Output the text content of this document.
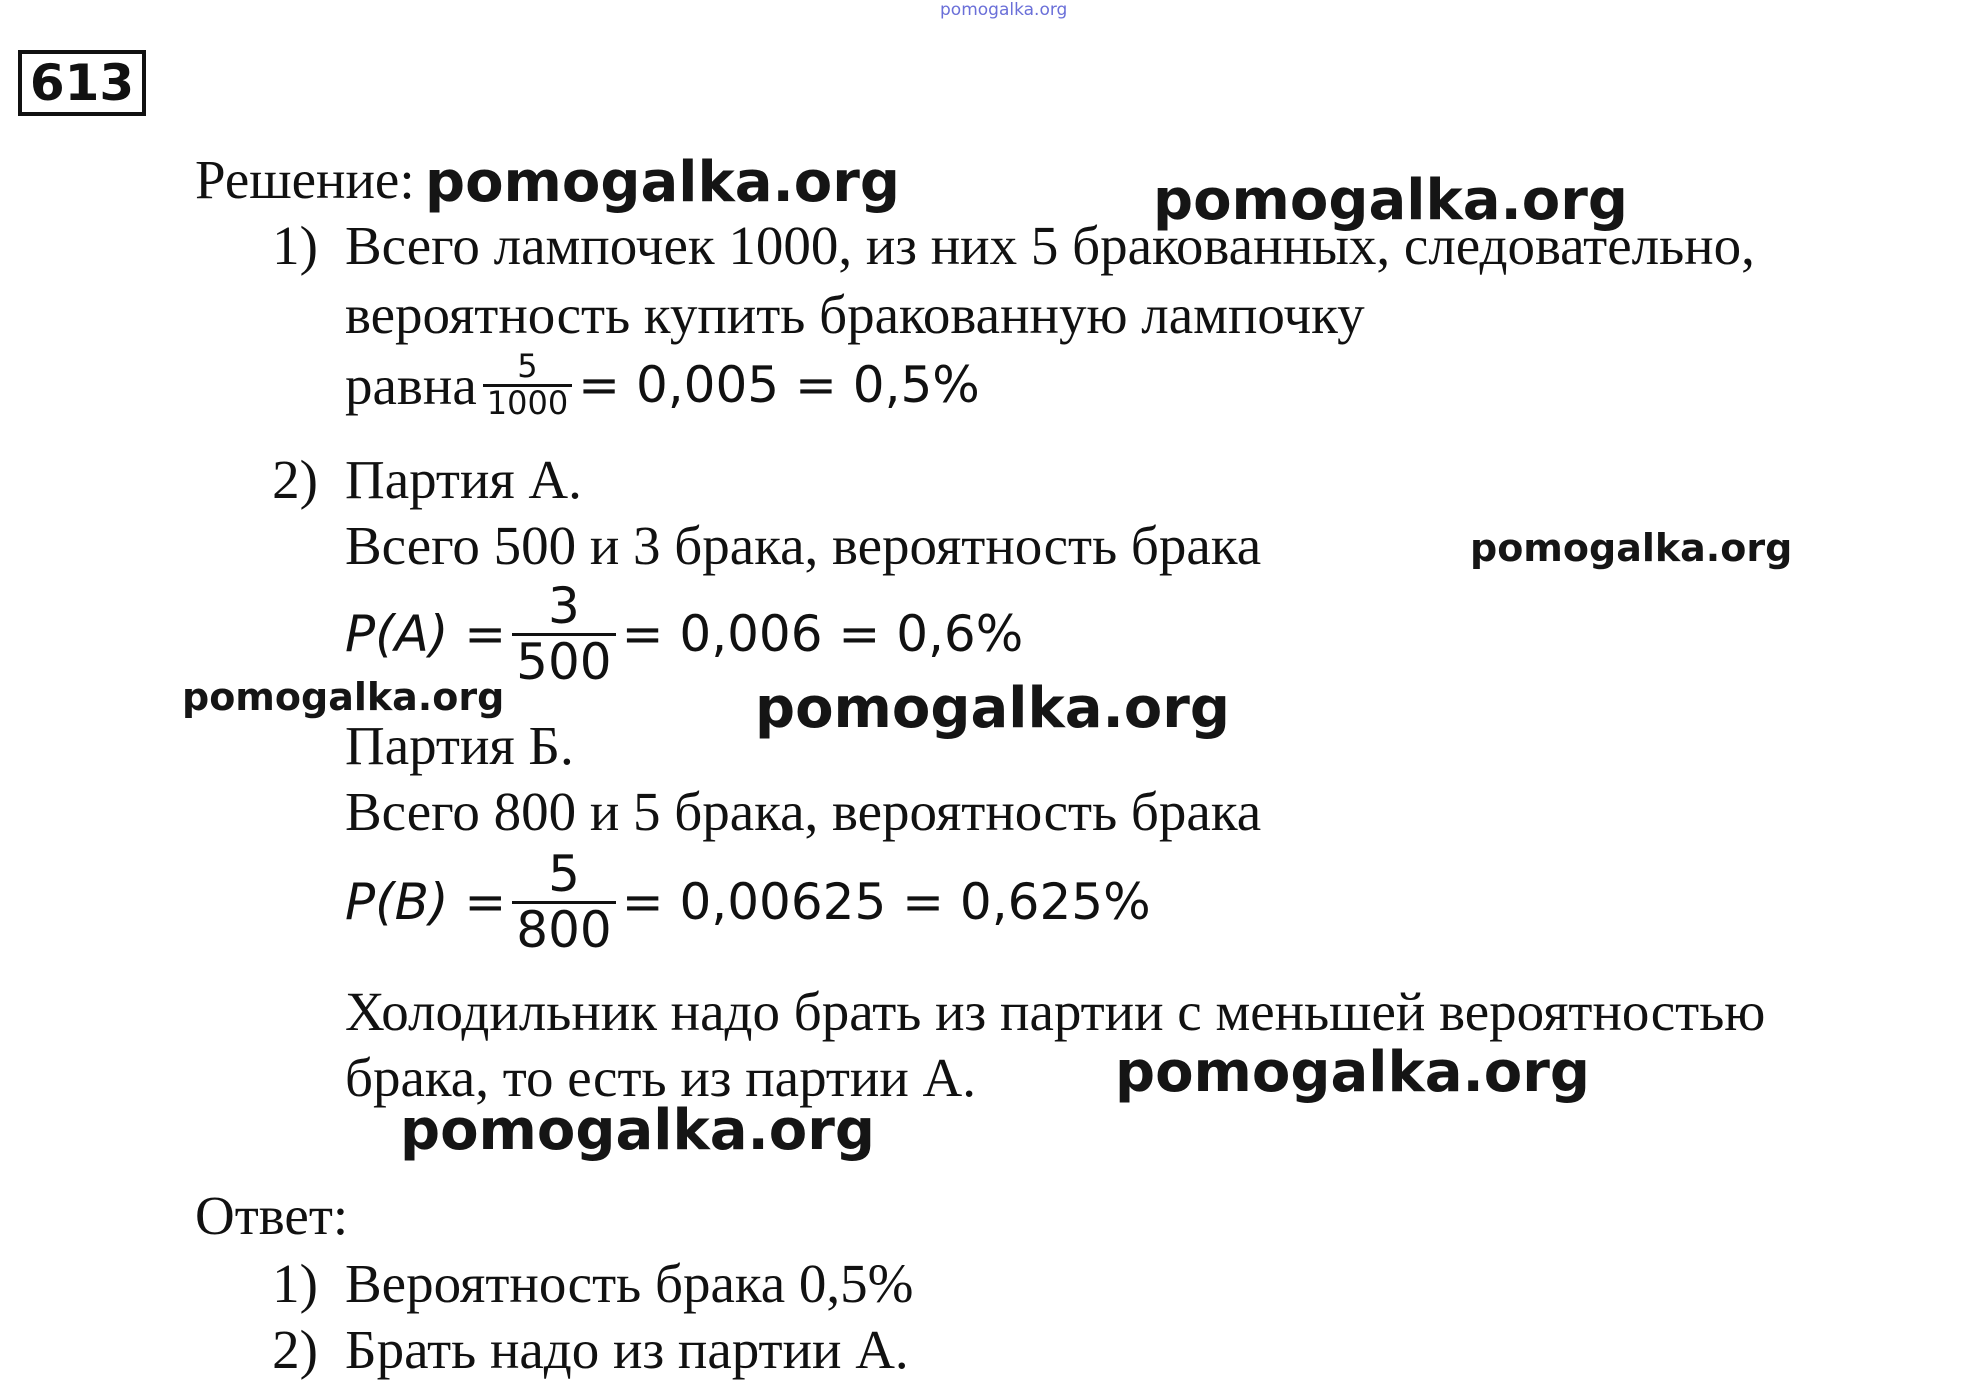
pomogalka.org
613
Решение:
1) Всего лампочек 1000, из них 5 бракованных, следовательно,
вероятность купить бракованную лампочку
равна $\frac{5}{1000} = 0,005 = 0,5\%$
2) Партия А.
Всего 500 и 3 брака, вероятность брака
$P(A) = \frac{3}{500} = 0,006 = 0,6\%$
Партия Б.
Всего 800 и 5 брака, вероятность брака
$P(B) = \frac{5}{800} = 0,00625 = 0,625\%$
Холодильник надо брать из партии с меньшей вероятностью
брака, то есть из партии А.
Ответ:
1) Вероятность брака 0,5%
2) Брать надо из партии А.
pomogalka.org	pomogalka.org
pomogalka.org
pomogalka.org	pomogalka.org
pomogalka.org
pomogalka.org
